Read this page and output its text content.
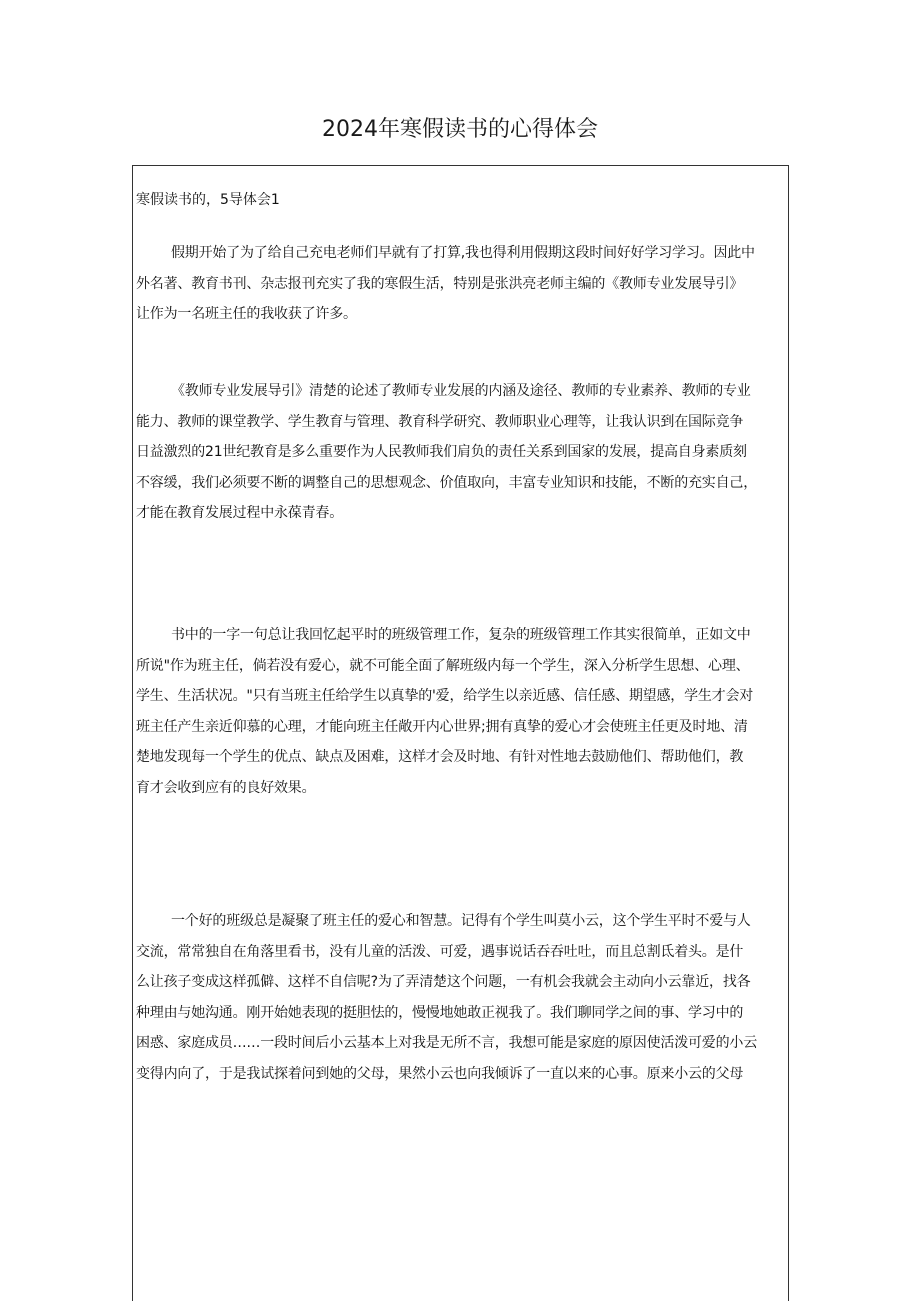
2024年寒假读书的心得体会
寒假读书的，5导体会1
假期开始了为了给自己充电老师们早就有了打算,我也得利用假期这段时间好好学习学习。因此中
外名著、教育书刊、杂志报刊充实了我的寒假生活，特别是张洪亮老师主编的《教师专业发展导引》
让作为一名班主任的我收获了许多。
《教师专业发展导引》清楚的论述了教师专业发展的内涵及途径、教师的专业素养、教师的专业
能力、教师的课堂教学、学生教育与管理、教育科学研究、教师职业心理等，让我认识到在国际竞争
日益激烈的21世纪教育是多么重要作为人民教师我们肩负的责任关系到国家的发展，提高自身素质刻
不容缓，我们必须要不断的调整自己的思想观念、价值取向，丰富专业知识和技能，不断的充实自己，
才能在教育发展过程中永葆青春。
书中的一字一句总让我回忆起平时的班级管理工作，复杂的班级管理工作其实很简单，正如文中
所说"作为班主任，倘若没有爱心，就不可能全面了解班级内每一个学生，深入分析学生思想、心理、
学生、生活状况。"只有当班主任给学生以真挚的'爱，给学生以亲近感、信任感、期望感，学生才会对
班主任产生亲近仰慕的心理，才能向班主任敞开内心世界;拥有真挚的爱心才会使班主任更及时地、清
楚地发现每一个学生的优点、缺点及困难，这样才会及时地、有针对性地去鼓励他们、帮助他们，教
育才会收到应有的良好效果。
一个好的班级总是凝聚了班主任的爱心和智慧。记得有个学生叫莫小云，这个学生平时不爱与人
交流，常常独自在角落里看书，没有儿童的活泼、可爱，遇事说话吞吞吐吐，而且总割氐着头。是什
么让孩子变成这样孤僻、这样不自信呢?为了弄清楚这个问题，一有机会我就会主动向小云靠近，找各
种理由与她沟通。刚开始她表现的挺胆怯的，慢慢地她敢正视我了。我们聊同学之间的事、学习中的
困惑、家庭成员……一段时间后小云基本上对我是无所不言，我想可能是家庭的原因使活泼可爱的小云
变得内向了，于是我试探着问到她的父母，果然小云也向我倾诉了一直以来的心事。原来小云的父母
